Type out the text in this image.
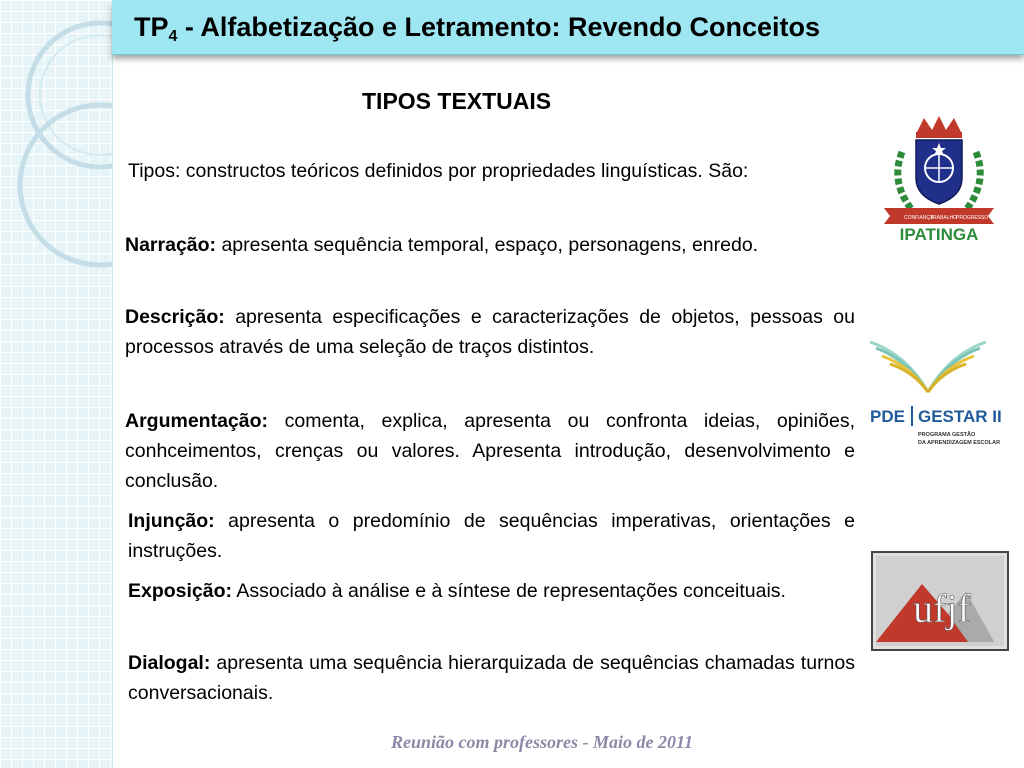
$TP_4$ - Alfabetização e Letramento: Revendo Conceitos
TIPOS TEXTUAIS

Tipos: constructos teóricos definidos por propriedades linguísticas. São:

Narração: apresenta sequência temporal, espaço, personagens, enredo.

Descrição: apresenta especificações e caracterizações de objetos, pessoas ou processos através de uma seleção de traços distintos.

Argumentação: comenta, explica, apresenta ou confronta ideias, opiniões, conhceimentos, crenças ou valores. Apresenta introdução, desenvolvimento e conclusão.

Injunção: apresenta o predomínio de sequências imperativas, orientações e instruções.

Exposição: Associado à análise e à síntese de representações conceituais.

Dialogal: apresenta uma sequência hierarquizada de sequências chamadas turnos conversacionais.

CONFIANÇA
TRABALHO PROGRESSO
IPATINGA
PDE GESTAR II
PROGRAMA GESTÃO
DA APRENDIZAGEM ESCOLAR
ufjf
Reunião com professores - Maio de 2011
